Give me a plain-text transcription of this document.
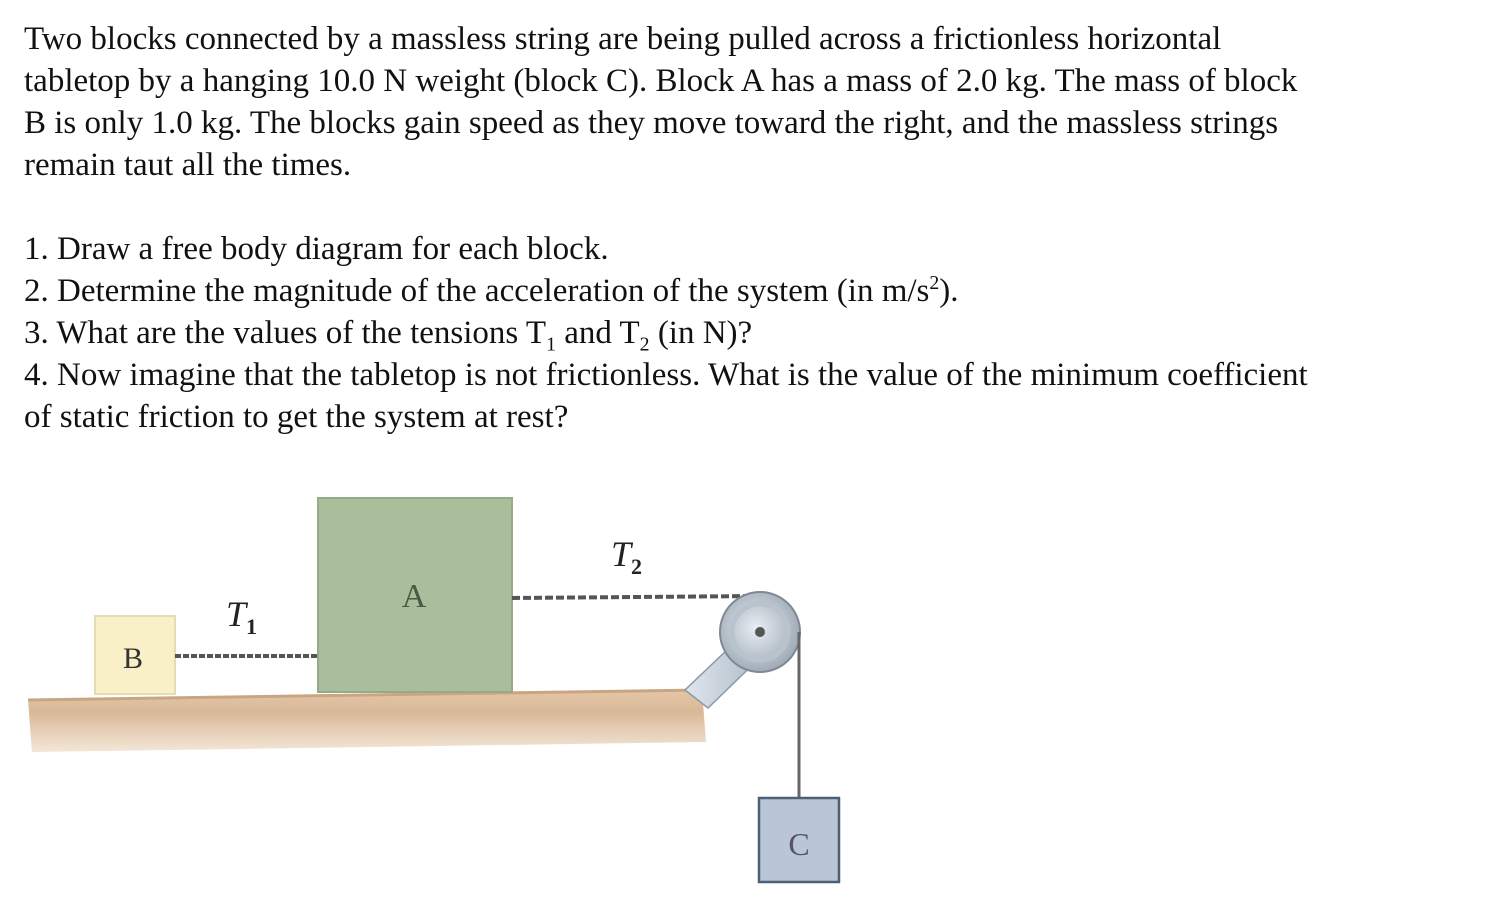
Two blocks connected by a massless string are being pulled across a frictionless horizontal

tabletop by a hanging 10.0 N weight (block C). Block A has a mass of 2.0 kg. The mass of block

B is only 1.0 kg. The blocks gain speed as they move toward the right, and the massless strings

remain taut all the times.

1. Draw a free body diagram for each block.

2. Determine the magnitude of the acceleration of the system (in $m/s^2$).

3. What are the values of the tensions $T_1$ and $T_2$ (in N)?

4. Now imagine that the tabletop is not frictionless. What is the value of the minimum coefficient

of static friction to get the system at rest?

B
$T_1$
A
$T_2$
C
